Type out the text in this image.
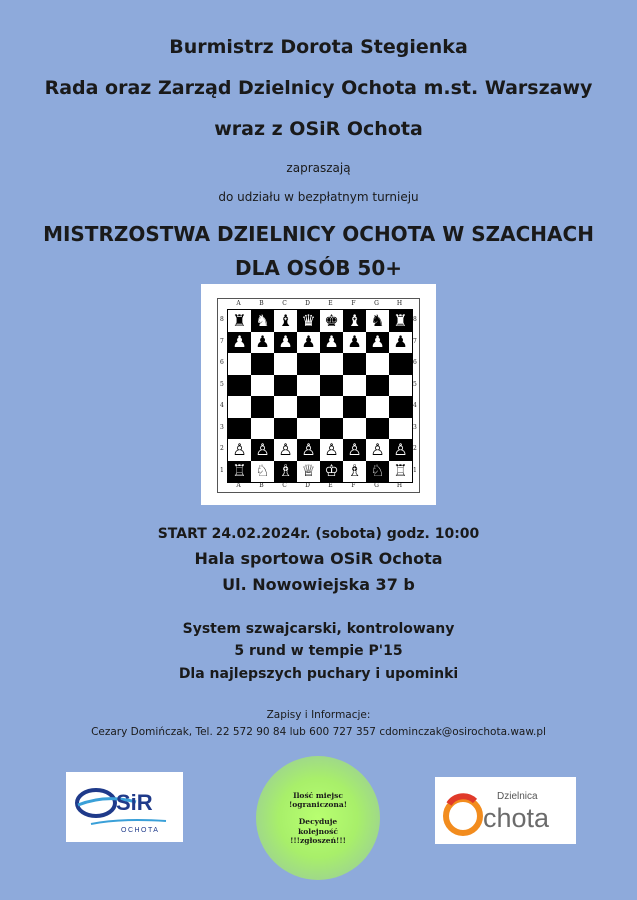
Burmistrz Dorota Stegienka
Rada oraz Zarząd Dzielnicy Ochota m.st. Warszawy
wraz z OSiR Ochota
zapraszają
do udziału w bezpłatnym turnieju
MISTRZOSTWA DZIELNICY OCHOTA W SZACHACH
DLA OSÓB 50+
A	B	C	D	E	F	G	H
A	B	C	D	E	F	G	H
8
7
6
5
4
3
2
1
8
7
6
5
4
3
2
1
♜ ♞ ♝ ♛ ♚ ♝ ♞ ♜
♟ ♟ ♟ ♟ ♟ ♟ ♟ ♟
♙ ♙ ♙ ♙ ♙ ♙ ♙ ♙
♖ ♘ ♗ ♕ ♔ ♗ ♘ ♖
START 24.02.2024r. (sobota) godz. 10:00
Hala sportowa OSiR Ochota
Ul. Nowowiejska 37 b
System szwajcarski, kontrolowany
5 rund w tempie P'15
Dla najlepszych puchary i upominki
Zapisy i Informacje:
Cezary Domińczak, Tel. 22 572 90 84 lub 600 727 357 cdominczak@osirochota.waw.pl
SiR
OCHOTA
Ilość miejsc
!ograniczona!
Decyduje
kolejność
!!!zgłoszeń!!!
Dzielnica
chota
